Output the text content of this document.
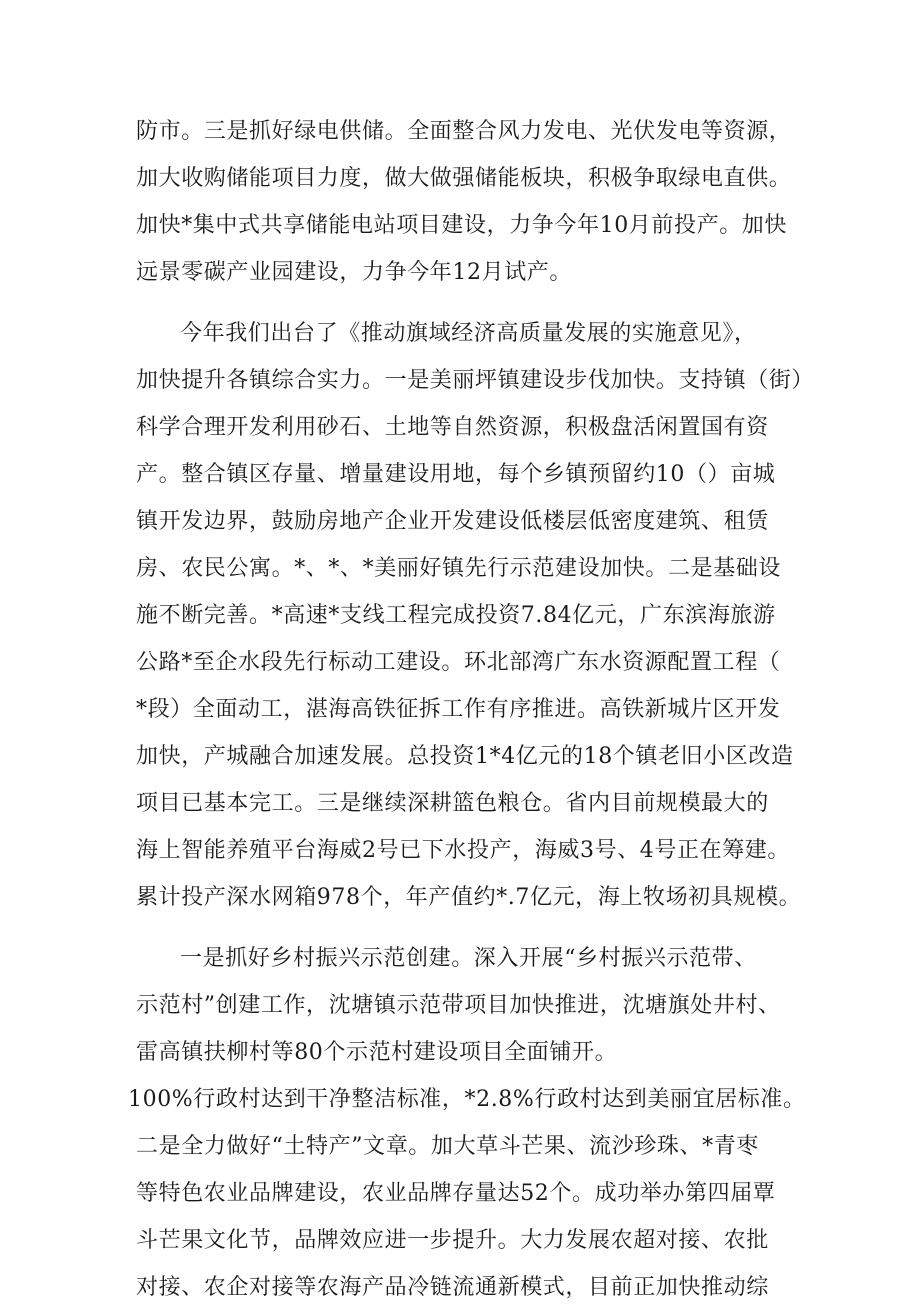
防市。三是抓好绿电供储。全面整合风力发电、光伏发电等资源，
加大收购储能项目力度，做大做强储能板块，积极争取绿电直供。
加快*集中式共享储能电站项目建设，力争今年10月前投产。加快
远景零碳产业园建设，力争今年12月试产。
今年我们出台了《推动旗域经济高质量发展的实施意见》，
加快提升各镇综合实力。一是美丽坪镇建设步伐加快。支持镇（街）
科学合理开发利用砂石、土地等自然资源，积极盘活闲置国有资
产。整合镇区存量、增量建设用地，每个乡镇预留约10（）亩城
镇开发边界，鼓励房地产企业开发建设低楼层低密度建筑、租赁
房、农民公寓。*、*、*美丽好镇先行示范建设加快。二是基础设
施不断完善。*高速*支线工程完成投资7.84亿元，广东滨海旅游
公路*至企水段先行标动工建设。环北部湾广东水资源配置工程（
*段）全面动工，湛海高铁征拆工作有序推进。高铁新城片区开发
加快，产城融合加速发展。总投资1*4亿元的18个镇老旧小区改造
项目已基本完工。三是继续深耕篮色粮仓。省内目前规模最大的
海上智能养殖平台海威2号已下水投产，海威3号、4号正在筹建。
累计投产深水网箱978个，年产值约*.7亿元，海上牧场初具规模。
一是抓好乡村振兴示范创建。深入开展“乡村振兴示范带、
示范村”创建工作，沈塘镇示范带项目加快推进，沈塘旗处井村、
雷高镇扶柳村等80个示范村建设项目全面铺开。
100%行政村达到干净整洁标准，*2.8%行政村达到美丽宜居标准。
二是全力做好“土特产”文章。加大草斗芒果、流沙珍珠、*青枣
等特色农业品牌建设，农业品牌存量达52个。成功举办第四届覃
斗芒果文化节，品牌效应进一步提升。大力发展农超对接、农批
对接、农企对接等农海产品冷链流通新模式，目前正加快推动综
